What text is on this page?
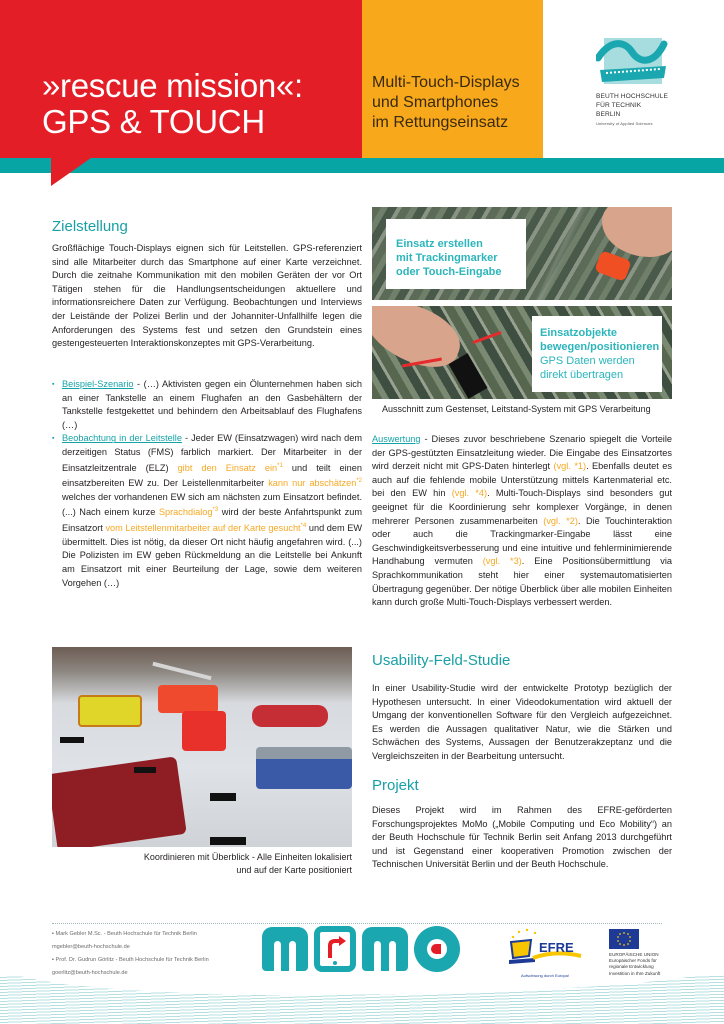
»rescue mission«:
GPS & TOUCH
Multi-Touch-Displays
und Smartphones
im Rettungseinsatz
BEUTH HOCHSCHULE
FÜR TECHNIK
BERLIN
University of Applied Sciences
Zielstellung
Großflächige Touch-Displays eignen sich für Leitstellen. GPS-referenziert sind alle Mitarbeiter durch das Smartphone auf einer Karte verzeichnet. Durch die zeitnahe Kommunikation mit den mobilen Geräten der vor Ort Tätigen stehen für die Handlungsentscheidungen aktuellere und informationsreichere Daten zur Verfügung. Beobachtungen und Interviews der Leistände der Polizei Berlin und der Johanniter-Unfallhilfe legen die Anforderungen des Systems fest und setzen den Grundstein eines gestengesteuerten Interaktionskonzeptes mit GPS-Verarbeitung.
▪ Beispiel-Szenario - (…) Aktivisten gegen ein Ölunternehmen haben sich an einer Tankstelle an einem Flughafen an den Gasbehältern der Tankstelle festgekettet und behindern den Arbeitsablauf des Flughafens (…)
▪ Beobachtung in der Leitstelle - Jeder EW (Einsatzwagen) wird nach dem derzeitigen Status (FMS) farblich markiert. Der Mitarbeiter in der Einsatzleitzentrale (ELZ) gibt den Einsatz ein$^{*1}$ und teilt einen einsatzbereiten EW zu. Der Leistellenmitarbeiter kann nur abschätzen$^{*2}$ welches der vorhandenen EW sich am nächsten zum Einsatzort befindet. (...) Nach einem kurze Sprachdialog$^{*3}$ wird der beste Anfahrtspunkt zum Einsatzort vom Leitstellenmitarbeiter auf der Karte gesucht$^{*4}$ und dem EW übermittelt. Dies ist nötig, da dieser Ort nicht häufig angefahren wird. (...) Die Polizisten im EW geben Rückmeldung an die Leitstelle bei Ankunft am Einsatzort mit einer Beurteilung der Lage, sowie dem weiteren Vorgehen (…)
Einsatz erstellen
mit Trackingmarker
oder Touch-Eingabe
Einsatzobjekte
bewegen/positionieren
GPS Daten werden
direkt übertragen
Ausschnitt zum Gestenset, Leitstand-System mit GPS Verarbeitung
Auswertung - Dieses zuvor beschriebene Szenario spiegelt die Vorteile der GPS-gestützten Einsatzleitung wieder. Die Eingabe des Einsatzortes wird derzeit nicht mit GPS-Daten hinterlegt (vgl. *1). Ebenfalls deutet es auch auf die fehlende mobile Unterstützung mittels Kartenmaterial etc. bei den EW hin (vgl. *4). Multi-Touch-Displays sind besonders gut geeignet für die Koordinierung sehr komplexer Vorgänge, in denen mehrerer Personen zusammenarbeiten (vgl. *2). Die Touchinteraktion oder auch die Trackingmarker-Eingabe lässt eine Geschwindigkeitsverbesserung und eine intuitive und fehlerminimierende Handhabung vermuten (vgl. *3). Eine Positionsübermittlung via Sprachkommunikation steht hier einer systemautomatisierten Übertragung gegenüber. Der nötige Überblick über alle mobilen Einheiten kann durch große Multi-Touch-Displays verbessert werden.
Usability-Feld-Studie
In einer Usability-Studie wird der entwickelte Prototyp bezüglich der Hypothesen untersucht. In einer Videodokumentation wird aktuell der Umgang der konventionellen Software für den Vergleich aufgezeichnet. Es werden die Aussagen qualitativer Natur, wie die Stärken und Schwächen des Systems, Aussagen der Benutzerakzeptanz und die Vergleichszeiten in der Bearbeitung untersucht.
Projekt
Dieses Projekt wird im Rahmen des EFRE-geförderten Forschungsprojektes MoMo („Mobile Computing und Eco Mobility“) an der Beuth Hochschule für Technik Berlin seit Anfang 2013 durchgeführt und ist Gegenstand einer kooperativen Promotion zwischen der Technischen Universität Berlin und der Beuth Hochschule.
Koordinieren mit Überblick - Alle Einheiten lokalisiert
und auf der Karte positioniert
▪ Mark Gebler M.Sc. - Beuth Hochschule für Technik Berlin
mgebler@beuth-hochschule.de
▪ Prof. Dr. Gudrun Görlitz - Beuth Hochschule für Technik Berlin
goerlitz@beuth-hochschule.de
EFRE
Aufschwung durch Europa!
EUROPÄISCHE UNION
Europäischer Fonds für
regionale Entwicklung
Investition in Ihre Zukunft
